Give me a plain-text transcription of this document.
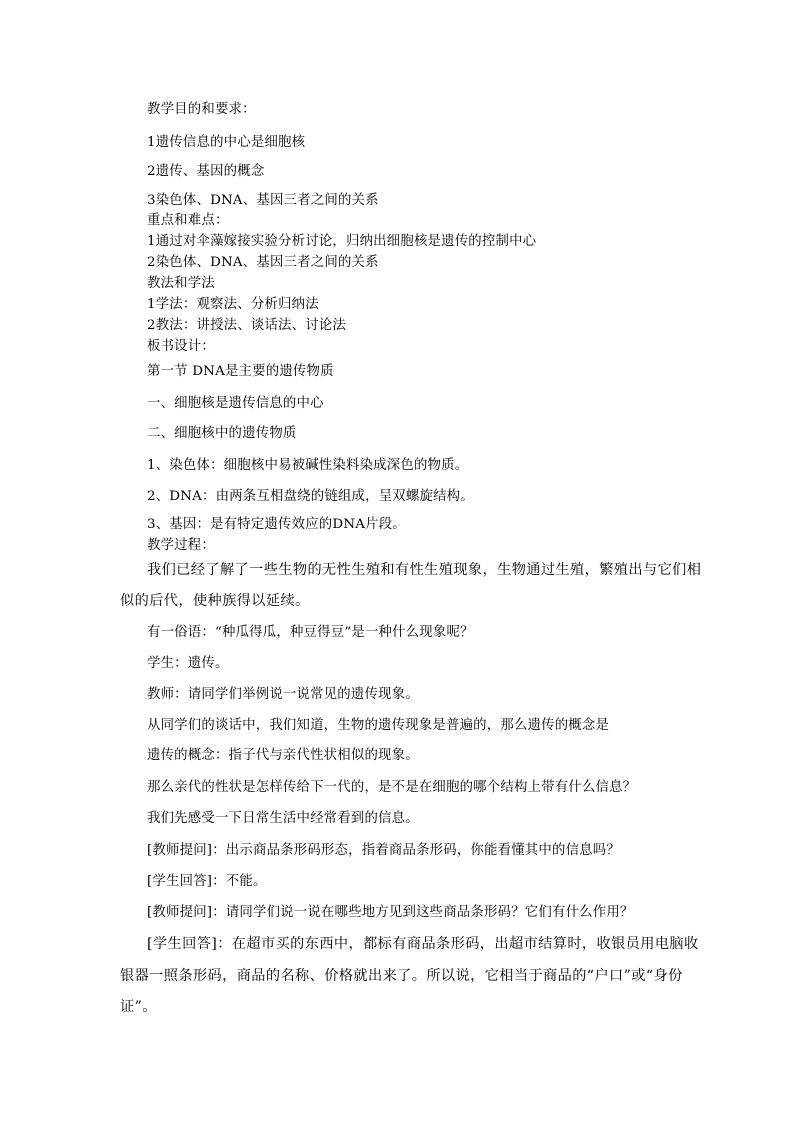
教学目的和要求：
1遗传信息的中心是细胞核
2遗传、基因的概念
3染色体、DNA、基因三者之间的关系
重点和难点：
1通过对伞藻嫁接实验分析讨论，归纳出细胞核是遗传的控制中心
2染色体、DNA、基因三者之间的关系
教法和学法
1学法：观察法、分析归纳法
2教法：讲授法、谈话法、讨论法
板书设计：
第一节 DNA是主要的遗传物质
一、细胞核是遗传信息的中心
二、细胞核中的遗传物质
1、染色体：细胞核中易被碱性染料染成深色的物质。
2、DNA：由两条互相盘绕的链组成，呈双螺旋结构。
3、基因：是有特定遗传效应的DNA片段。
教学过程：
我们已经了解了一些生物的无性生殖和有性生殖现象，生物通过生殖，繁殖出与它们相
似的后代，使种族得以延续。
有一俗语：“种瓜得瓜，种豆得豆”是一种什么现象呢？
学生：遗传。
教师：请同学们举例说一说常见的遗传现象。
从同学们的谈话中，我们知道，生物的遗传现象是普遍的，那么遗传的概念是
遗传的概念：指子代与亲代性状相似的现象。
那么亲代的性状是怎样传给下一代的，是不是在细胞的哪个结构上带有什么信息？
我们先感受一下日常生活中经常看到的信息。
[教师提问]：出示商品条形码形态，指着商品条形码，你能看懂其中的信息吗？
[学生回答]：不能。
[教师提问]：请同学们说一说在哪些地方见到这些商品条形码？它们有什么作用？
[学生回答]：在超市买的东西中，都标有商品条形码，出超市结算时，收银员用电脑收
银器一照条形码，商品的名称、价格就出来了。所以说，它相当于商品的“户口”或“身份
证”。
